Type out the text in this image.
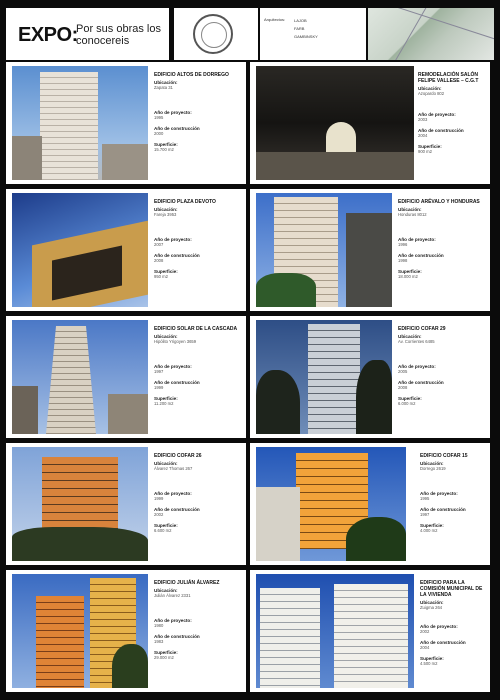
EXPO:
Por sus obras los conocereis
Arquitectos: LAJOB
FARB
GAMBINSKY
EDIFICIO ALTOS DE DORREGO
Ubicación:
Zapata 31
Año de proyecto:
1995
Año de construcción
2000
Superficie:
15.700 m2
REMODELACIÓN SALÓN FELIPE VALLESE – C.G.T
Ubicación:
Azopardo 802
Año de proyecto:
2003
Año de construcción
2004
Superficie:
900 m2
EDIFICIO PLAZA DEVOTO
Ubicación:
Fareja 3953
Año de proyecto:
2007
Año de construcción
2008
Superficie:
950 m2
EDIFICIO ARÉVALO Y HONDURAS
Ubicación:
Honduras 8012
Año de proyecto:
1996
Año de construcción
1998
Superficie:
18.000 m2
EDIFICIO SOLAR DE LA CASCADA
Ubicación:
Hipólito Yrigoyen 3659
Año de proyecto:
1997
Año de construcción
1999
Superficie:
11.200 m2
EDIFICIO COFAR 29
Ubicación:
Av. Corrientes 6485
Año de proyecto:
2005
Año de construcción
2008
Superficie:
6.000 m2
EDIFICIO COFAR 26
Ubicación:
Álvarez Thomas 267
Año de proyecto:
1999
Año de construcción
2002
Superficie:
6.600 m2
EDIFICIO COFAR 15
Ubicación:
Dorrego 2619
Año de proyecto:
1995
Año de construcción
1997
Superficie:
4.000 m2
EDIFICIO JULIÁN ÁLVAREZ
Ubicación:
Julián Álvarez 2331
Año de proyecto:
1980
Año de construcción
1983
Superficie:
29.000 m2
EDIFICIO PARA LA COMISIÓN MUNICIPAL DE LA VIVIENDA
Ubicación:
Zuigma 264
Año de proyecto:
2002
Año de construcción
2004
Superficie:
4.500 m2
